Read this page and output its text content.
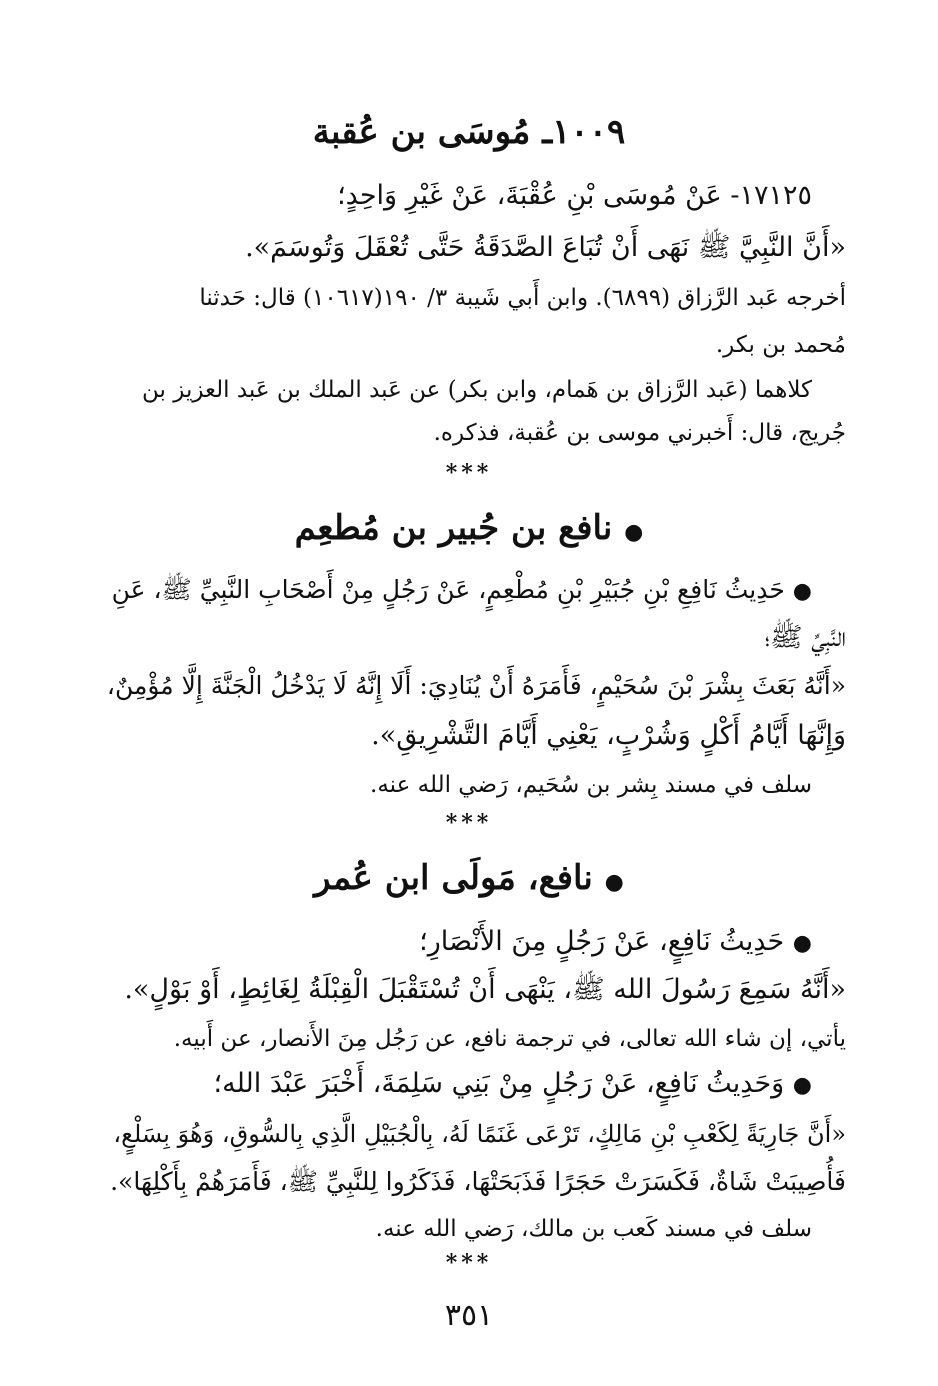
١٠٠٩ـ مُوسَى بن عُقبة
١٧١٢٥- عَنْ مُوسَى بْنِ عُقْبَةَ، عَنْ غَيْرِ وَاحِدٍ؛
«أَنَّ النَّبِيَّ ﷺ نَهَى أَنْ تُبَاعَ الصَّدَقَةُ حَتَّى تُعْقَلَ وَتُوسَمَ».
أخرجه عَبد الرَّزاق (٦٨٩٩). وابن أَبي شَيبة ٣/ ١٩٠(١٠٦١٧) قال: حَدثنا
مُحمد بن بكر.
كلاهما (عَبد الرَّزاق بن هَمام، وابن بكر) عن عَبد الملك بن عَبد العزيز بن
جُريج، قال: أَخبرني موسى بن عُقبة، فذكره.
***
● نافع بن جُبير بن مُطعِم
● حَدِيثُ نَافِعِ بْنِ جُبَيْرِ بْنِ مُطْعِمٍ، عَنْ رَجُلٍ مِنْ أَصْحَابِ النَّبِيِّ ﷺ، عَنِ
النَّبِيِّ ﷺ؛
«أَنَّهُ بَعَثَ بِشْرَ بْنَ سُحَيْمٍ، فَأَمَرَهُ أَنْ يُنَادِيَ: أَلَا إِنَّهُ لَا يَدْخُلُ الْجَنَّةَ إِلَّا مُؤْمِنٌ،
وَإِنَّهَا أَيَّامُ أَكْلٍ وَشُرْبٍ، يَعْنِي أَيَّامَ التَّشْرِيقِ».
سلف في مسند بِشر بن سُحَيم، رَضي الله عنه.
***
● نافع، مَولَى ابن عُمر
● حَدِيثُ نَافِعٍ، عَنْ رَجُلٍ مِنَ الأَنْصَارِ؛
«أَنَّهُ سَمِعَ رَسُولَ الله ﷺ، يَنْهَى أَنْ تُسْتَقْبَلَ الْقِبْلَةُ لِغَائِطٍ، أَوْ بَوْلٍ».
يأتي، إن شاء الله تعالى، في ترجمة نافع، عن رَجُل مِنَ الأَنصار، عن أَبيه.
● وَحَدِيثُ نَافِعٍ، عَنْ رَجُلٍ مِنْ بَنِي سَلِمَةَ، أَخْبَرَ عَبْدَ الله؛
«أَنَّ جَارِيَةً لِكَعْبِ بْنِ مَالِكٍ، تَرْعَى غَنَمًا لَهُ، بِالْجُبَيْلِ الَّذِي بِالسُّوقِ، وَهُوَ بِسَلْعٍ،
فَأُصِيبَتْ شَاةٌ، فَكَسَرَتْ حَجَرًا فَذَبَحَتْهَا، فَذَكَرُوا لِلنَّبِيِّ ﷺ، فَأَمَرَهُمْ بِأَكْلِهَا».
سلف في مسند كَعب بن مالك، رَضي الله عنه.
***
٣٥١
